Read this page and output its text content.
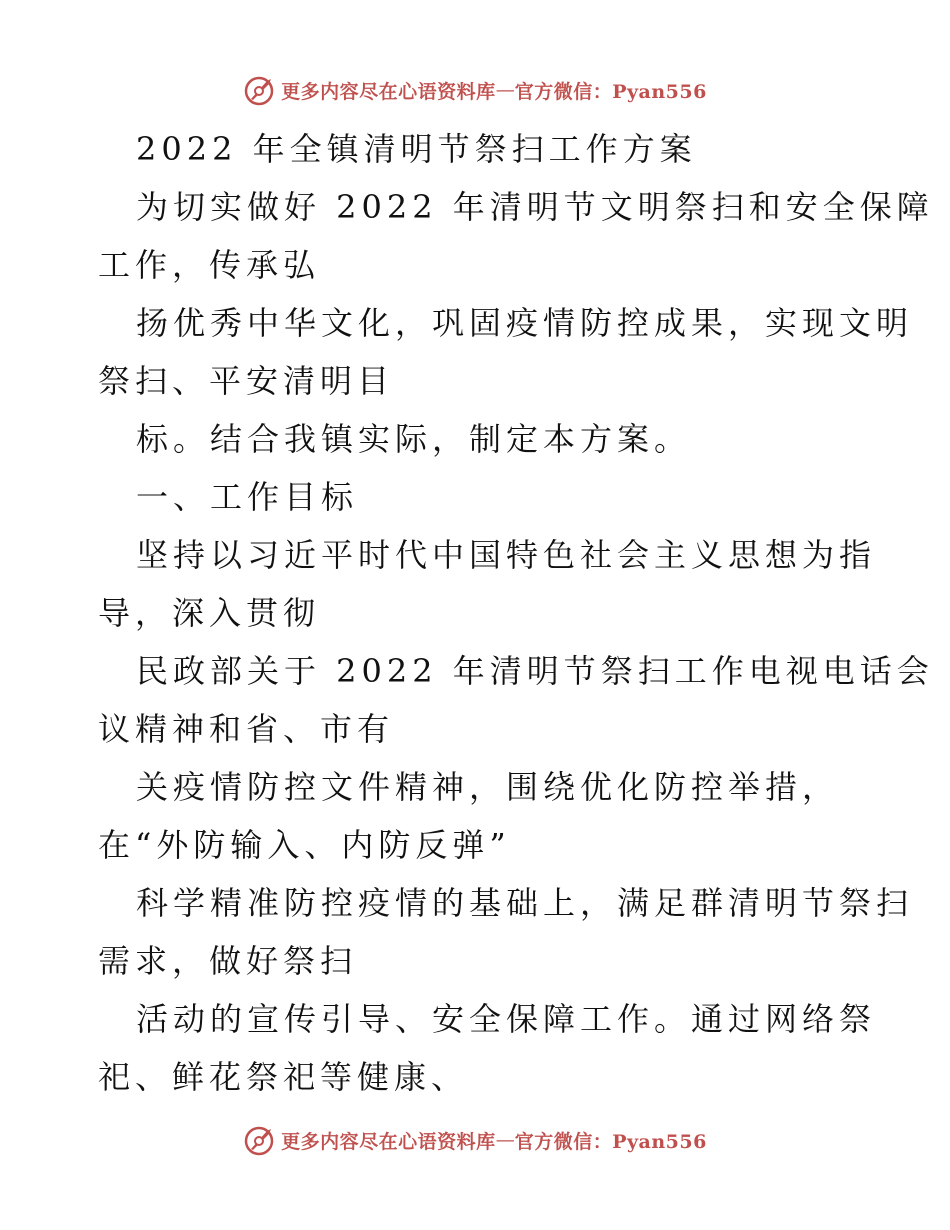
更多内容尽在心语资料库 — 官方微信：Pyan556

2022 年全镇清明节祭扫工作方案

为切实做好 2022 年清明节文明祭扫和安全保障

工作，传承弘

扬优秀中华文化，巩固疫情防控成果，实现文明

祭扫、平安清明目

标。结合我镇实际，制定本方案。

一、工作目标

坚持以习近平时代中国特色社会主义思想为指

导，深入贯彻

民政部关于 2022 年清明节祭扫工作电视电话会

议精神和省、市有

关疫情防控文件精神，围绕优化防控举措，

在“外防输入、内防反弹”

科学精准防控疫情的基础上，满足群清明节祭扫

需求，做好祭扫

活动的宣传引导、安全保障工作。通过网络祭

祀、鲜花祭祀等健康、

更多内容尽在心语资料库 — 官方微信：Pyan556
